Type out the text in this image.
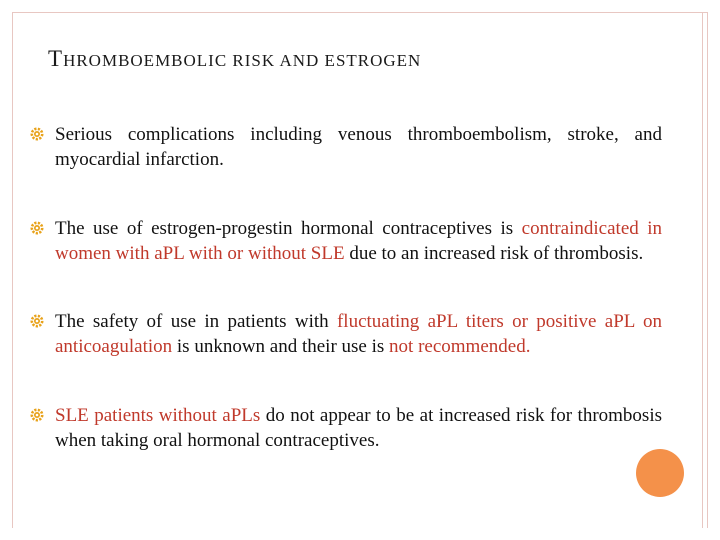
THROMBOEMBOLIC RISK AND ESTROGEN
Serious complications including venous thromboembolism, stroke, and myocardial infarction.
The use of estrogen-progestin hormonal contraceptives is contraindicated in women with aPL with or without SLE due to an increased risk of thrombosis.
The safety of use in patients with fluctuating aPL titers or positive aPL on anticoagulation is unknown and their use is not recommended.
SLE patients without aPLs do not appear to be at increased risk for thrombosis when taking oral hormonal contraceptives.
